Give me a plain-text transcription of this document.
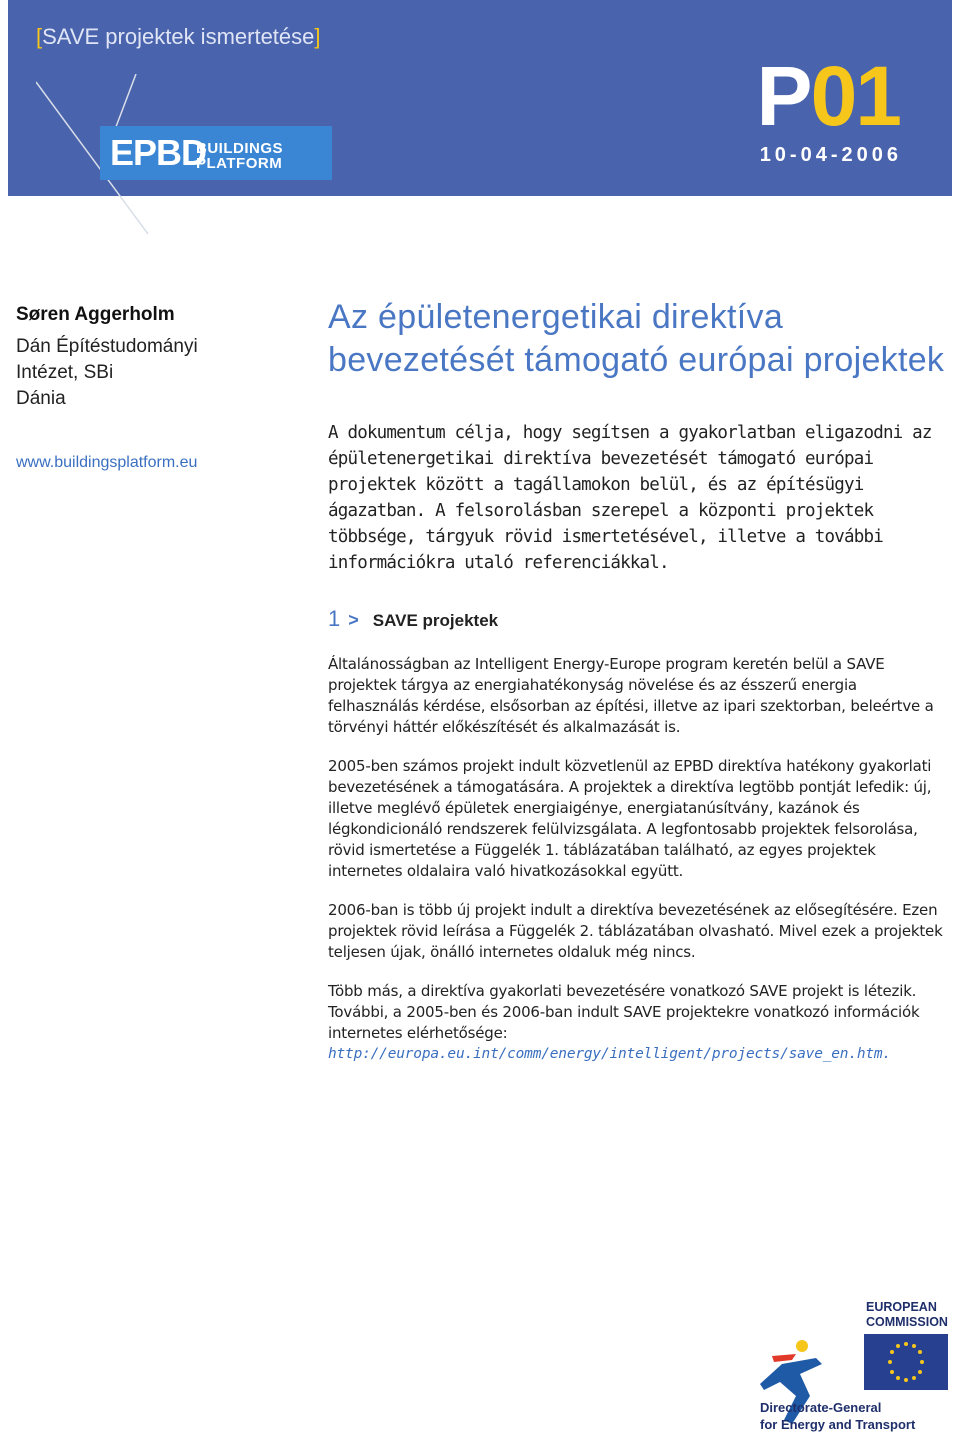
[SAVE projektek ismertetése]
EPBD
BUILDINGS
PLATFORM
P01
10-04-2006
Søren Aggerholm
Dán Építéstudományi
Intézet, SBi
Dánia
www.buildingsplatform.eu
Az épületenergetikai direktíva bevezetését támogató európai projektek
A dokumentum célja, hogy segítsen a gyakorlatban eligazodni az épületenergetikai direktíva bevezetését támogató európai projektek között a tagállamokon belül, és az építésügyi ágazatban. A felsorolásban szerepel a központi projektek többsége, tárgyuk rövid ismertetésével, illetve a további információkra utaló referenciákkal.
1 > SAVE projektek
Általánosságban az Intelligent Energy-Europe program keretén belül a SAVE projektek tárgya az energiahatékonyság növelése és az ésszerű energia felhasználás kérdése, elsősorban az építési, illetve az ipari szektorban, beleértve a törvényi háttér előkészítését és alkalmazását is.
2005-ben számos projekt indult közvetlenül az EPBD direktíva hatékony gyakorlati bevezetésének a támogatására. A projektek a direktíva legtöbb pontját lefedik: új, illetve meglévő épületek energiaigénye, energiatanúsítvány, kazánok és légkondicionáló rendszerek felülvizsgálata. A legfontosabb projektek felsorolása, rövid ismertetése a Függelék 1. táblázatában található, az egyes projektek internetes oldalaira való hivatkozásokkal együtt.
2006-ban is több új projekt indult a direktíva bevezetésének az elősegítésére. Ezen projektek rövid leírása a Függelék 2. táblázatában olvasható. Mivel ezek a projektek teljesen újak, önálló internetes oldaluk még nincs.
Több más, a direktíva gyakorlati bevezetésére vonatkozó SAVE projekt is létezik. További, a 2005-ben és 2006-ban indult SAVE projektekre vonatkozó információk internetes elérhetősége:
http://europa.eu.int/comm/energy/intelligent/projects/save_en.htm.
EUROPEAN
COMMISSION
Directorate-General
for Energy and Transport
